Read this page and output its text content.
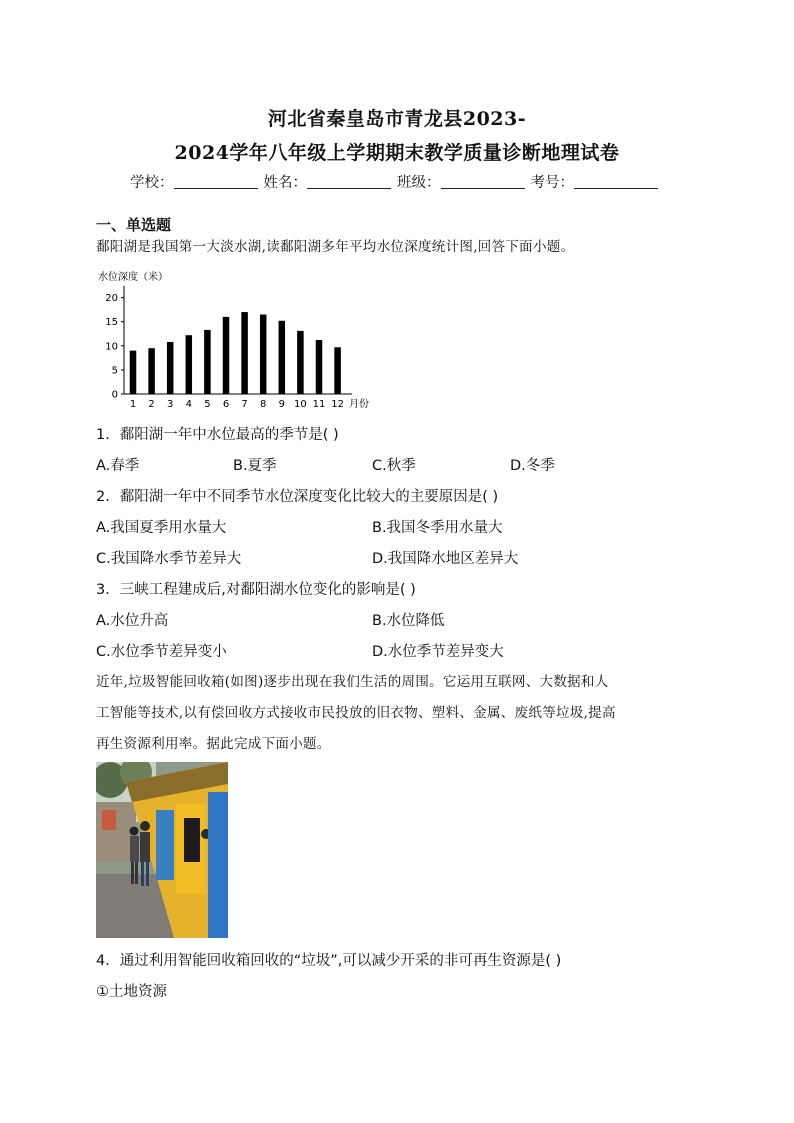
河北省秦皇岛市青龙县2023-
2024学年八年级上学期期末教学质量诊断地理试卷
学校：	姓名：	班级：	考号：
一、单选题
鄱阳湖是我国第一大淡水湖,读鄱阳湖多年平均水位深度统计图,回答下面小题。
水位深度（米）
0
5
10
15
20
1 2 3 4 5 6 7 8 9 10 11 12 月份
1．鄱阳湖一年中水位最高的季节是( )
A.春季	B.夏季	C.秋季	D.冬季
2．鄱阳湖一年中不同季节水位深度变化比较大的主要原因是( )
A.我国夏季用水量大	B.我国冬季用水量大
C.我国降水季节差异大	D.我国降水地区差异大
3．三峡工程建成后,对鄱阳湖水位变化的影响是( )
A.水位升高	B.水位降低
C.水位季节差异变小	D.水位季节差异变大
近年,垃圾智能回收箱(如图)逐步出现在我们生活的周围。它运用互联网、大数据和人
工智能等技术,以有偿回收方式接收市民投放的旧衣物、塑料、金属、废纸等垃圾,提高
再生资源利用率。据此完成下面小题。
4．通过利用智能回收箱回收的“垃圾”,可以减少开采的非可再生资源是( )
①土地资源
